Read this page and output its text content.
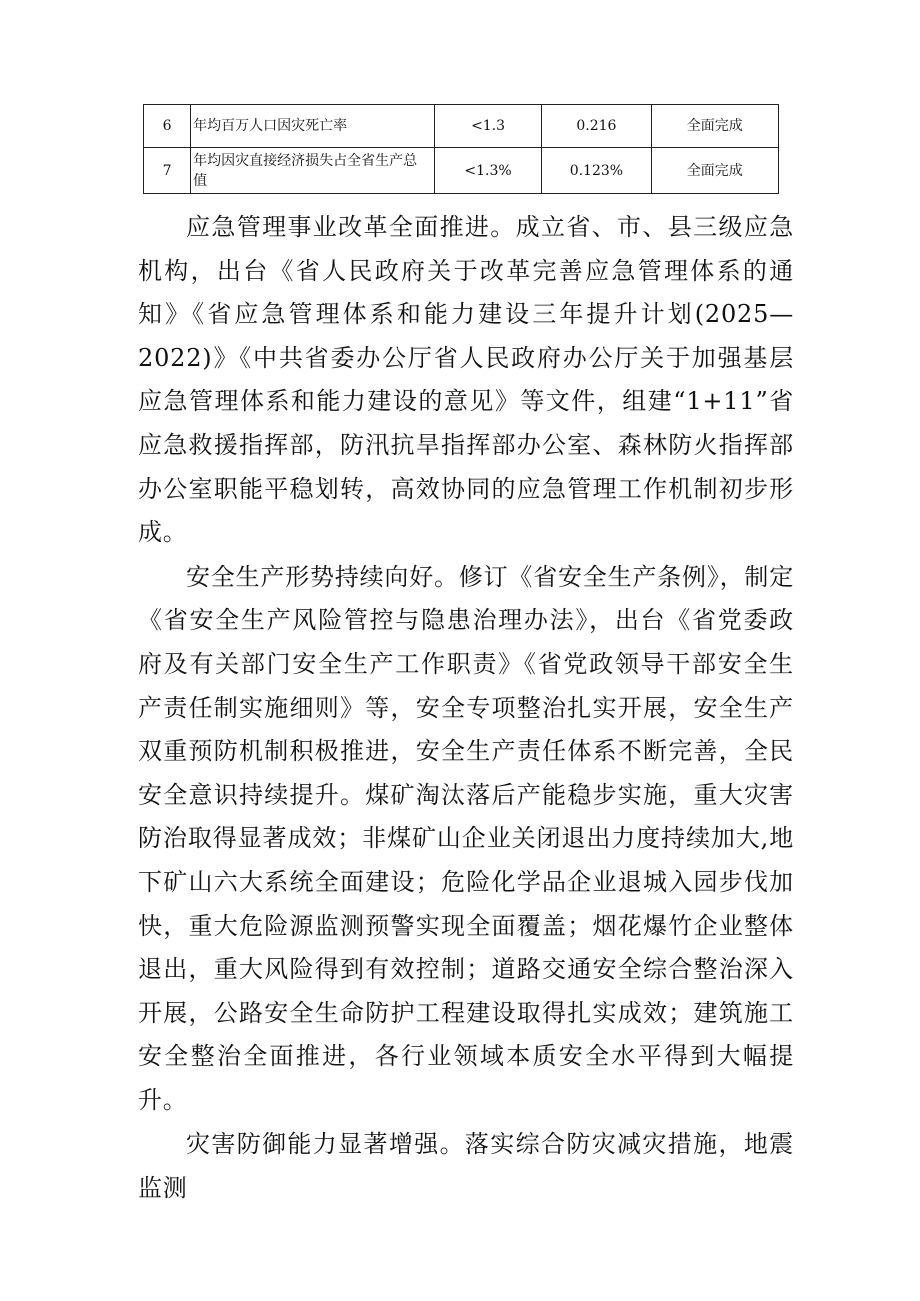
6	年均百万人口因灾死亡率	<1.3	0.216	全面完成
7	年均因灾直接经济损失占全省生产总值	<1.3%	0.123%	全面完成

应急管理事业改革全面推进。成立省、市、县三级应急机构，出台《省人民政府关于改革完善应急管理体系的通知》《省应急管理体系和能力建设三年提升计划(2025—2022)》《中共省委办公厅省人民政府办公厅关于加强基层应急管理体系和能力建设的意见》等文件，组建“1+11”省应急救援指挥部，防汛抗旱指挥部办公室、森林防火指挥部办公室职能平稳划转，高效协同的应急管理工作机制初步形成。

安全生产形势持续向好。修订《省安全生产条例》，制定《省安全生产风险管控与隐患治理办法》，出台《省党委政府及有关部门安全生产工作职责》《省党政领导干部安全生产责任制实施细则》等，安全专项整治扎实开展，安全生产双重预防机制积极推进，安全生产责任体系不断完善，全民安全意识持续提升。煤矿淘汰落后产能稳步实施，重大灾害防治取得显著成效；非煤矿山企业关闭退出力度持续加大,地下矿山六大系统全面建设；危险化学品企业退城入园步伐加快，重大危险源监测预警实现全面覆盖；烟花爆竹企业整体退出，重大风险得到有效控制；道路交通安全综合整治深入开展，公路安全生命防护工程建设取得扎实成效；建筑施工安全整治全面推进，各行业领域本质安全水平得到大幅提升。

灾害防御能力显著增强。落实综合防灾减灾措施，地震监测
